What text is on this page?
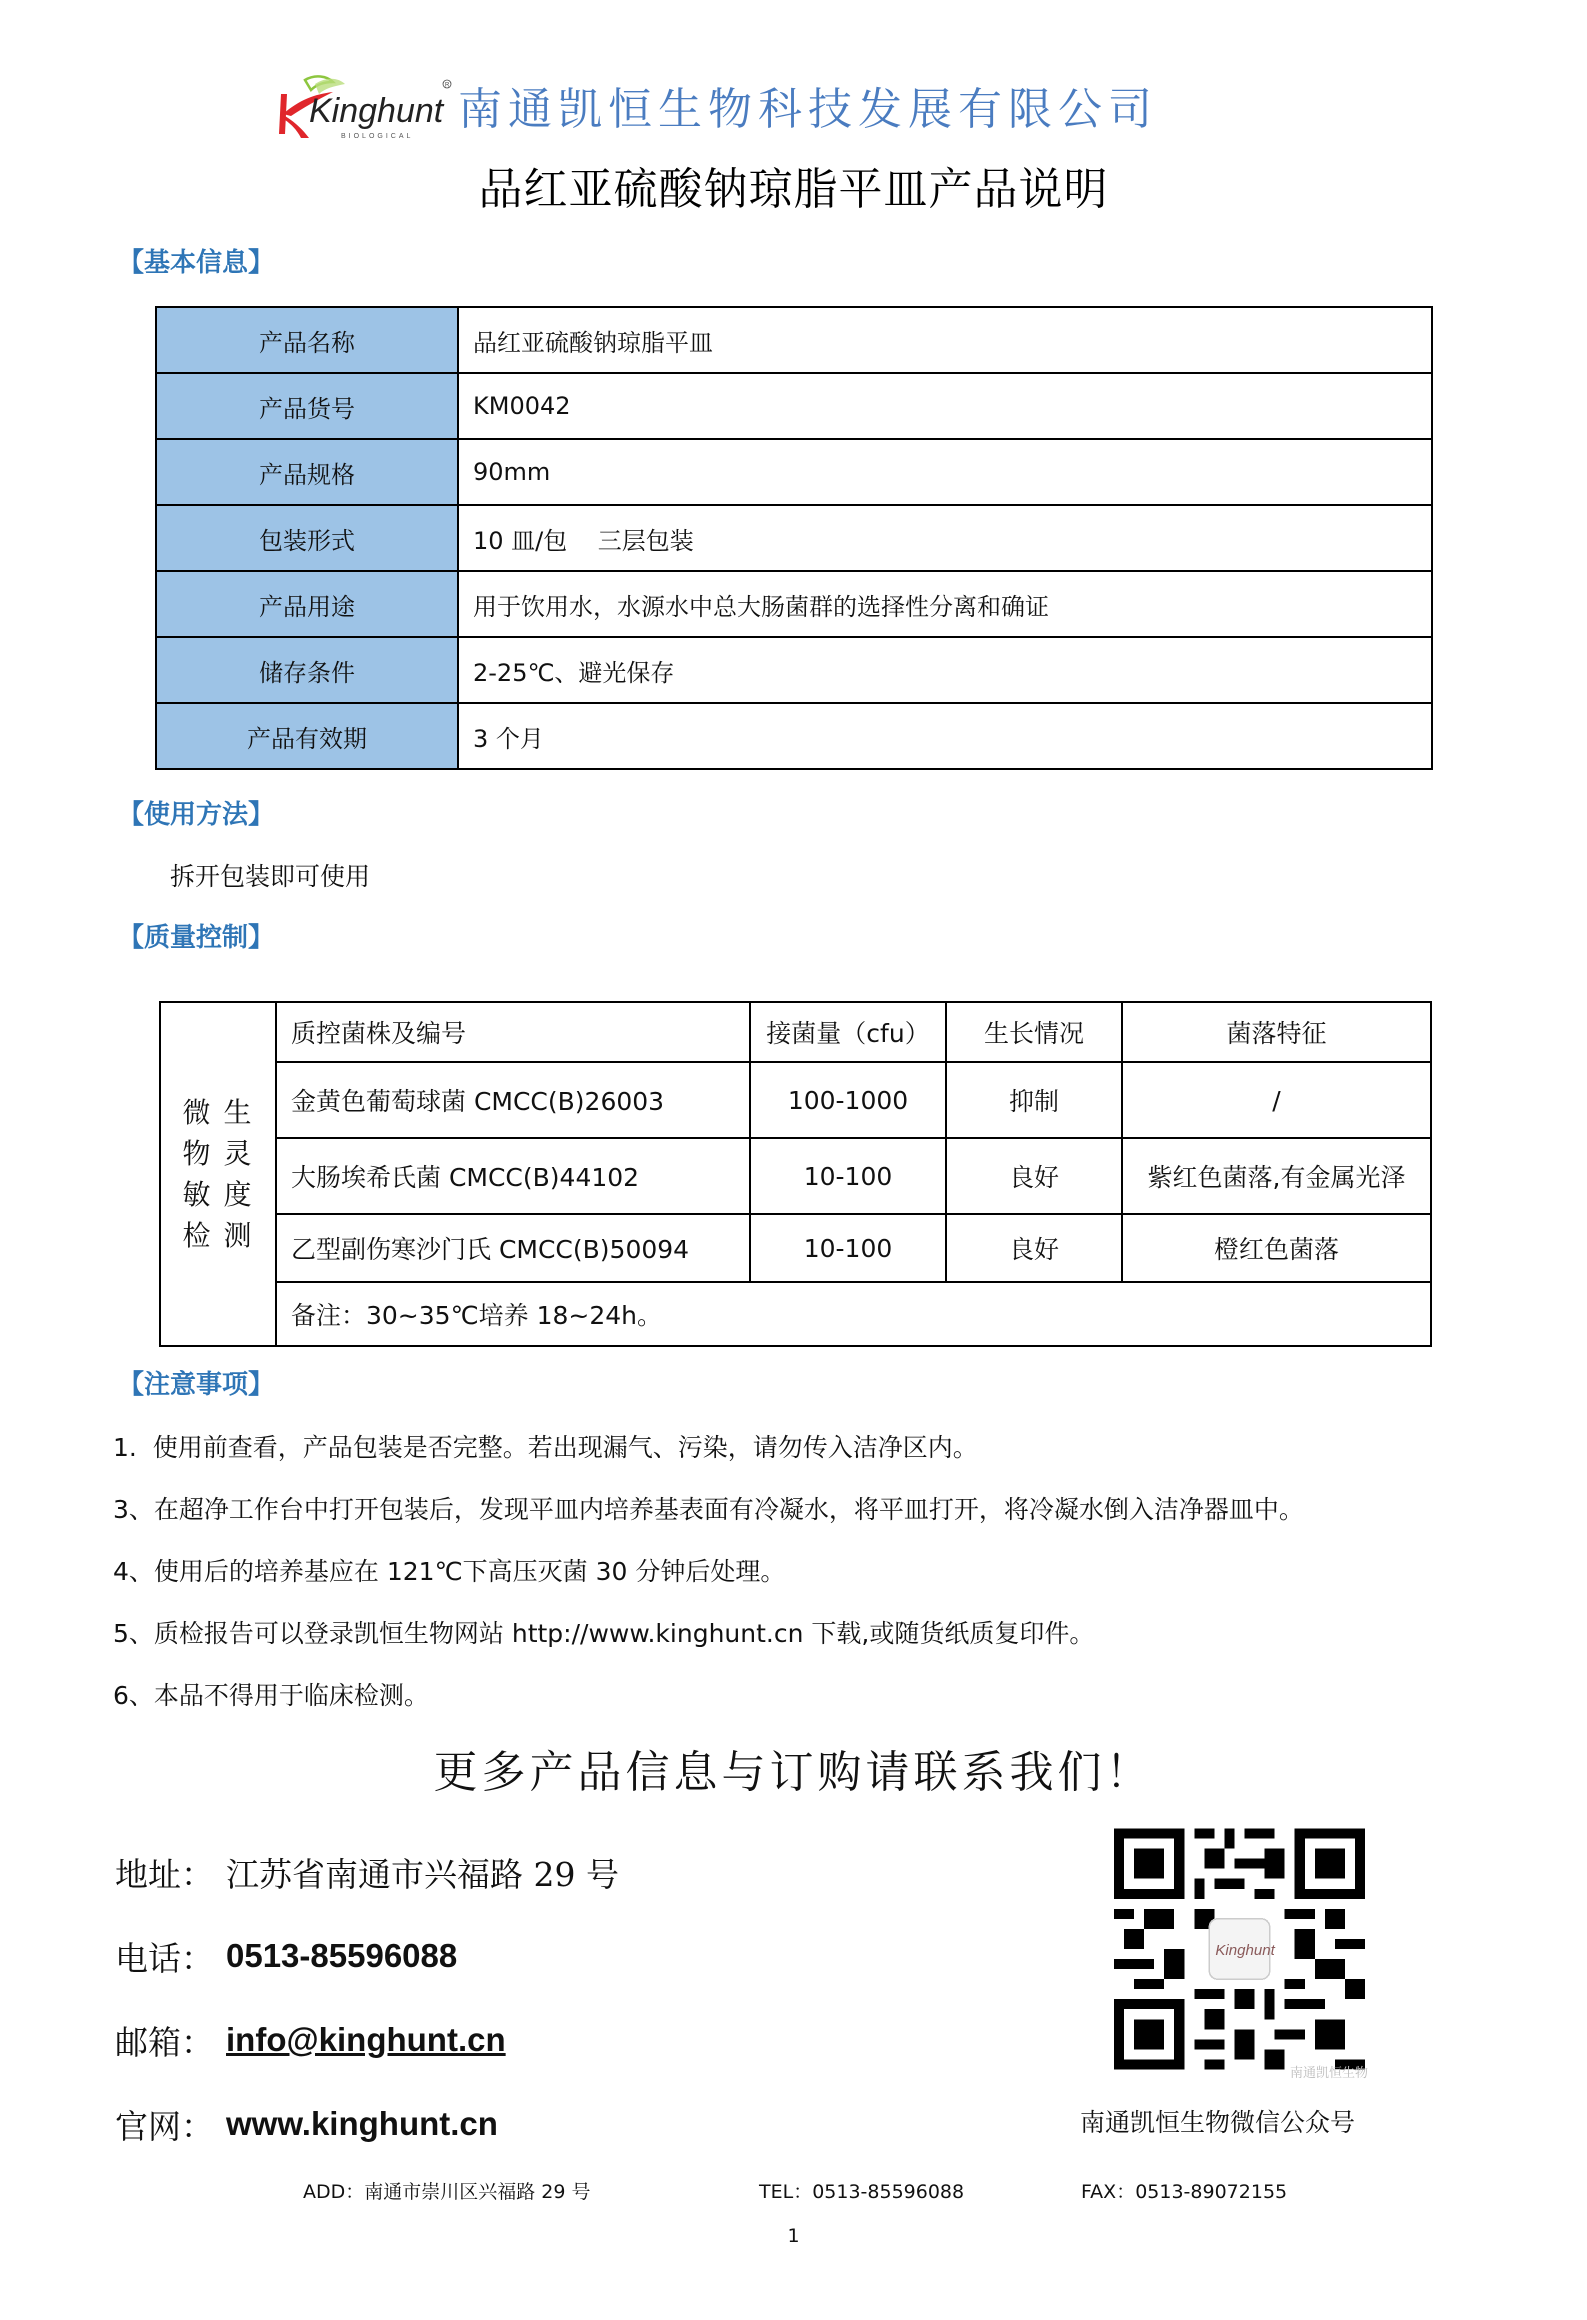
Kinghunt
BIOLOGICAL
R 南通凯恒生物科技发展有限公司
品红亚硫酸钠琼脂平皿产品说明
【基本信息】
产品名称	品红亚硫酸钠琼脂平皿
产品货号	KM0042
产品规格	90mm
包装形式	10 皿/包    三层包装
产品用途	用于饮用水，水源水中总大肠菌群的选择性分离和确证
储存条件	2-25℃、避光保存
产品有效期	3 个月
【使用方法】
拆开包装即可使用
【质量控制】
微 生
物 灵
敏 度
检 测	质控菌株及编号	接菌量（cfu）	生长情况	菌落特征
	金黄色葡萄球菌 CMCC(B)26003	100-1000	抑制	/
	大肠埃希氏菌 CMCC(B)44102	10-100	良好	紫红色菌落,有金属光泽
	乙型副伤寒沙门氏 CMCC(B)50094	10-100	良好	橙红色菌落
	备注：30~35℃培养 18~24h。			
【注意事项】
1.  使用前查看，产品包装是否完整。若出现漏气、污染，请勿传入洁净区内。
3、在超净工作台中打开包装后，发现平皿内培养基表面有冷凝水，将平皿打开，将冷凝水倒入洁净器皿中。
4、使用后的培养基应在 121℃下高压灭菌 30 分钟后处理。
5、质检报告可以登录凯恒生物网站 http://www.kinghunt.cn 下载,或随货纸质复印件。
6、本品不得用于临床检测。
更多产品信息与订购请联系我们！
地址： 江苏省南通市兴福路 29 号
电话： 0513-85596088
邮箱： info@kinghunt.cn
官网： www.kinghunt.cn
Kinghunt
南通凯恒生物
南通凯恒生物微信公众号
ADD：南通市崇川区兴福路 29 号	TEL：0513-85596088	FAX：0513-89072155
1
